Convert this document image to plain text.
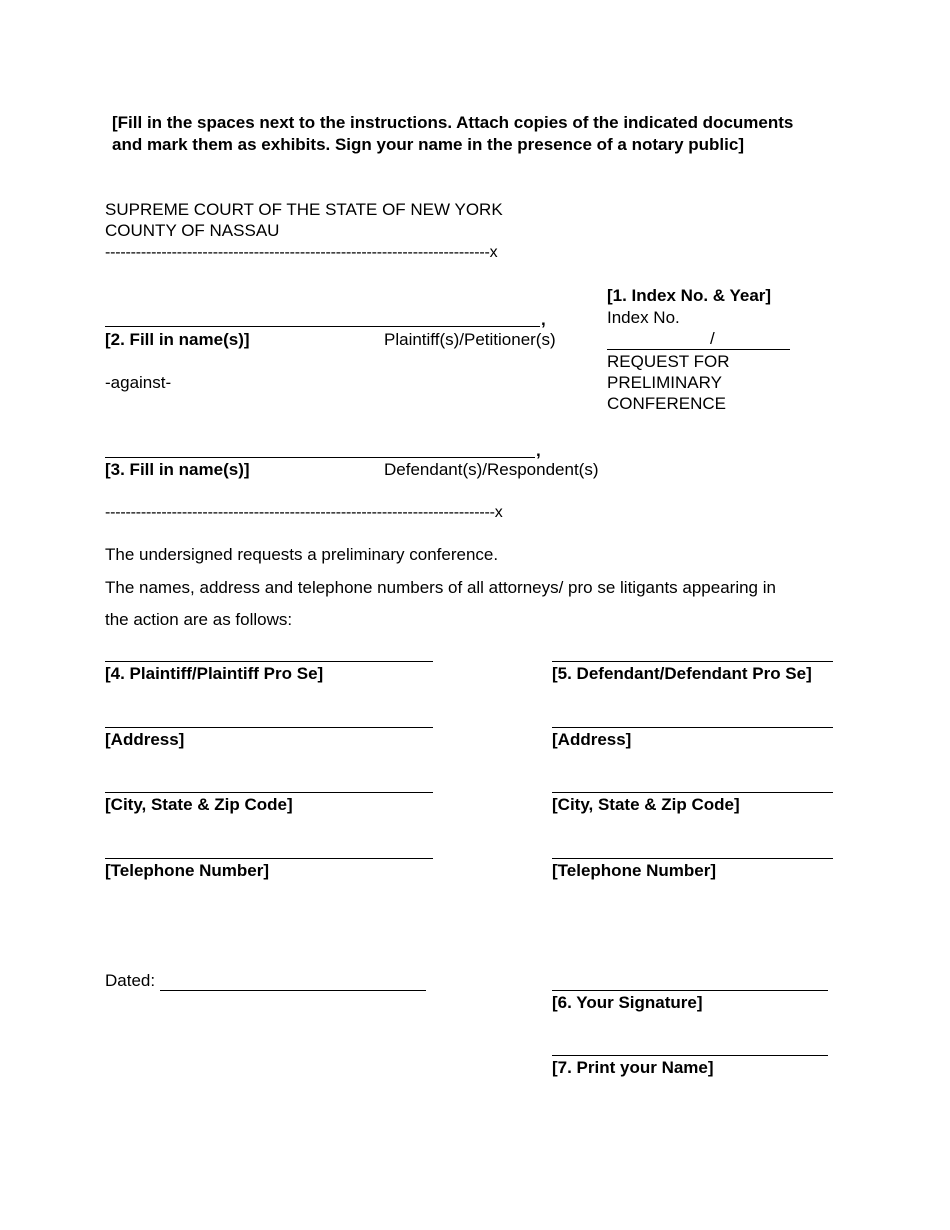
[Fill in the spaces next to the instructions. Attach copies of the indicated documents and mark them as exhibits. Sign your name in the presence of a notary public]
SUPREME COURT OF THE STATE OF NEW YORK
COUNTY OF NASSAU
---------------------------------------------------------------------------x
[1. Index No. & Year]
Index No.
/
REQUEST FOR
PRELIMINARY
CONFERENCE
,
[2. Fill in name(s)]	Plaintiff(s)/Petitioner(s)
-against-
,
[3. Fill in name(s)]	Defendant(s)/Respondent(s)
----------------------------------------------------------------------------x
The undersigned requests a preliminary conference.
The names, address and telephone numbers of all attorneys/ pro se litigants appearing in
the action are as follows:
[4. Plaintiff/Plaintiff Pro Se]
[Address]
[City, State & Zip Code]
[Telephone Number]
[5. Defendant/Defendant Pro Se]
[Address]
[City, State & Zip Code]
[Telephone Number]
Dated:
[6. Your Signature]
[7. Print your Name]
